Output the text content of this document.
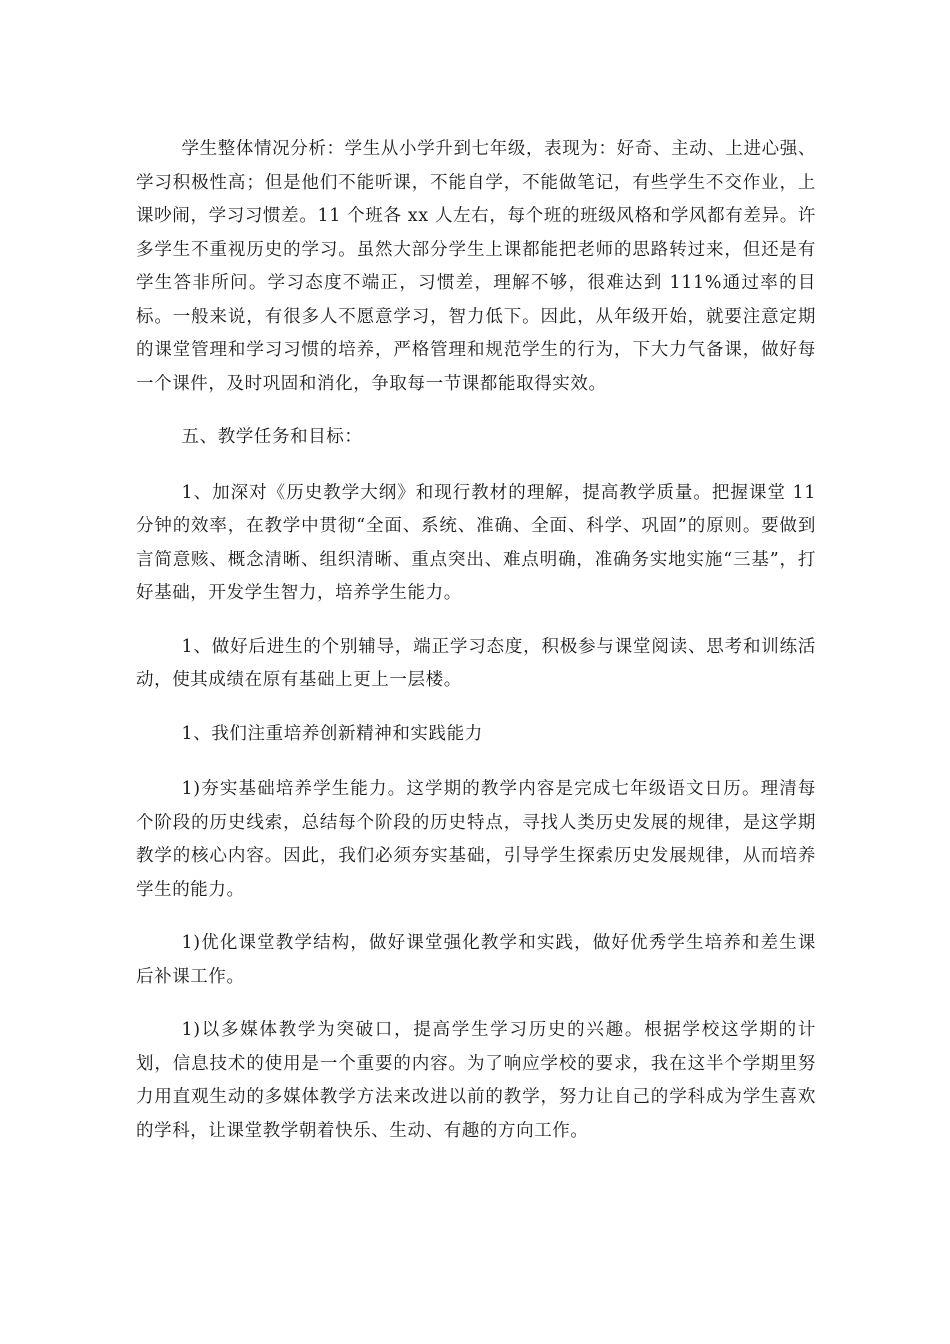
学生整体情况分析：学生从小学升到七年级，表现为：好奇、主动、上进心强、学习积极性高；但是他们不能听课，不能自学，不能做笔记，有些学生不交作业，上课吵闹，学习习惯差。11 个班各 xx 人左右，每个班的班级风格和学风都有差异。许多学生不重视历史的学习。虽然大部分学生上课都能把老师的思路转过来，但还是有学生答非所问。学习态度不端正，习惯差，理解不够，很难达到 111%通过率的目标。一般来说，有很多人不愿意学习，智力低下。因此，从年级开始，就要注意定期的课堂管理和学习习惯的培养，严格管理和规范学生的行为，下大力气备课，做好每一个课件，及时巩固和消化，争取每一节课都能取得实效。

五、教学任务和目标：

1、加深对《历史教学大纲》和现行教材的理解，提高教学质量。把握课堂 11 分钟的效率，在教学中贯彻“全面、系统、准确、全面、科学、巩固”的原则。要做到言简意赅、概念清晰、组织清晰、重点突出、难点明确，准确务实地实施“三基”，打好基础，开发学生智力，培养学生能力。

1、做好后进生的个别辅导，端正学习态度，积极参与课堂阅读、思考和训练活动，使其成绩在原有基础上更上一层楼。

1、我们注重培养创新精神和实践能力

1)夯实基础培养学生能力。这学期的教学内容是完成七年级语文日历。理清每个阶段的历史线索，总结每个阶段的历史特点，寻找人类历史发展的规律，是这学期教学的核心内容。因此，我们必须夯实基础，引导学生探索历史发展规律，从而培养学生的能力。

1)优化课堂教学结构，做好课堂强化教学和实践，做好优秀学生培养和差生课后补课工作。

1)以多媒体教学为突破口，提高学生学习历史的兴趣。根据学校这学期的计划，信息技术的使用是一个重要的内容。为了响应学校的要求，我在这半个学期里努力用直观生动的多媒体教学方法来改进以前的教学，努力让自己的学科成为学生喜欢的学科，让课堂教学朝着快乐、生动、有趣的方向工作。
